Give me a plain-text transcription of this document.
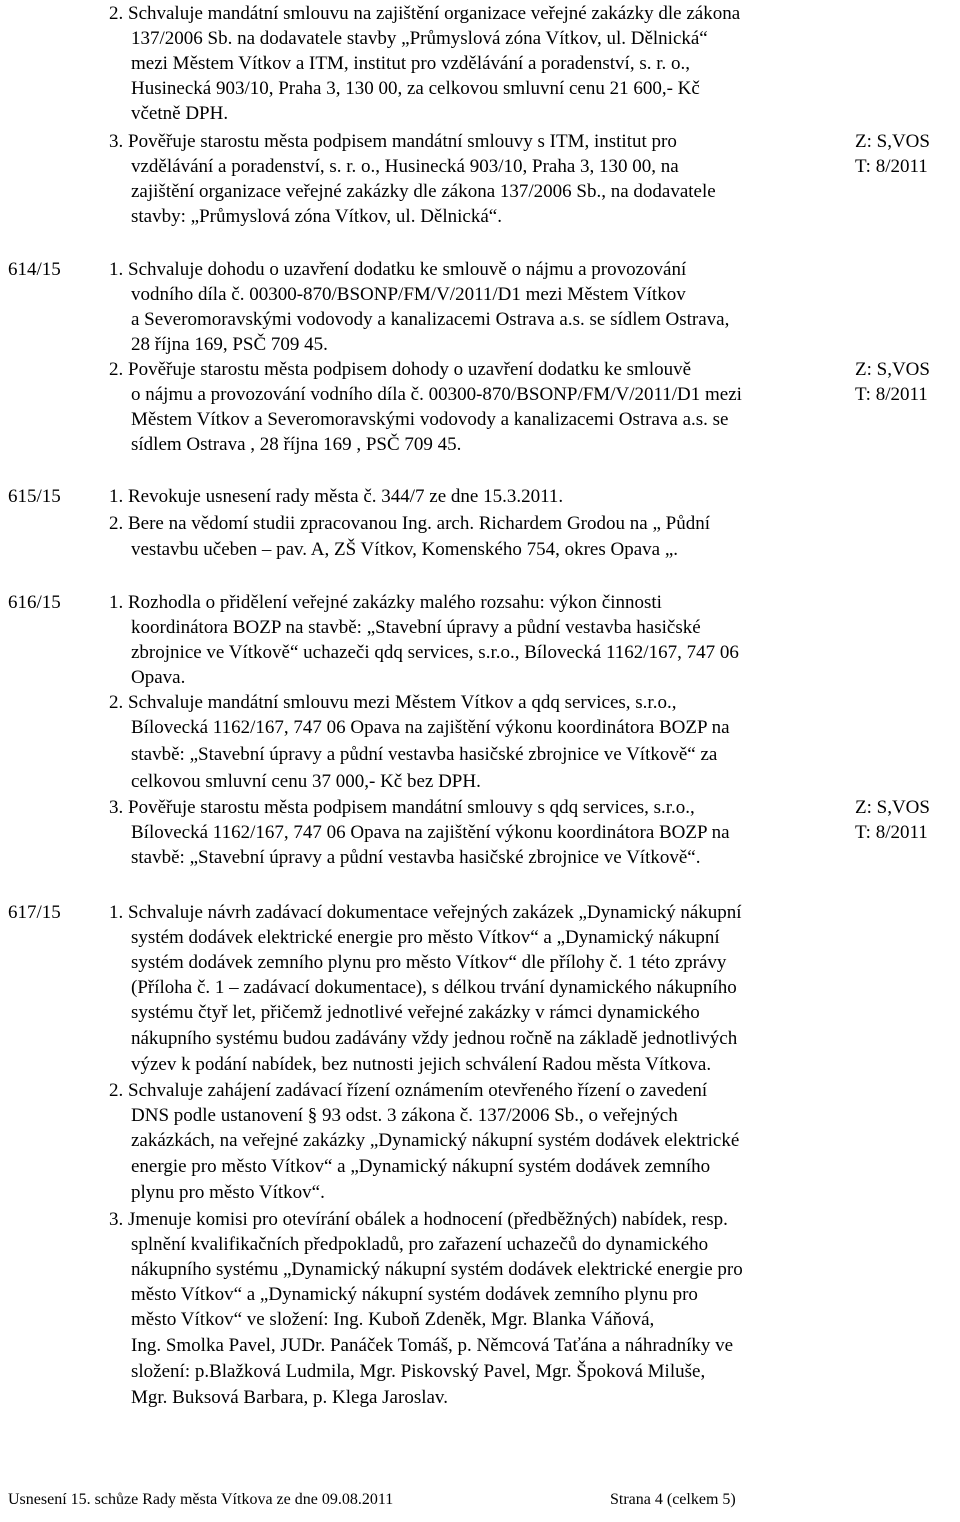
2. Schvaluje mandátní smlouvu na zajištění organizace veřejné zakázky dle zákona
137/2006 Sb. na dodavatele stavby „Průmyslová zóna Vítkov, ul. Dělnická“
mezi Městem Vítkov a ITM, institut pro vzdělávání a poradenství, s. r. o.,
Husinecká 903/10, Praha 3, 130 00, za celkovou smluvní cenu 21 600,- Kč
včetně DPH.
3. Pověřuje starostu města podpisem mandátní smlouvy s ITM, institut pro
vzdělávání a poradenství, s. r. o., Husinecká 903/10, Praha 3, 130 00, na
zajištění organizace veřejné zakázky dle zákona 137/2006 Sb., na dodavatele
stavby: „Průmyslová zóna Vítkov, ul. Dělnická“.
Z: S,VOS
T: 8/2011
614/15	1. Schvaluje dohodu o uzavření dodatku ke smlouvě o nájmu a provozování
vodního díla č. 00300-870/BSONP/FM/V/2011/D1 mezi Městem Vítkov
a Severomoravskými vodovody a kanalizacemi Ostrava a.s. se sídlem Ostrava,
28 října 169, PSČ 709 45.
2. Pověřuje starostu města podpisem dohody o uzavření dodatku ke smlouvě
o nájmu a provozování vodního díla č. 00300-870/BSONP/FM/V/2011/D1 mezi
Městem Vítkov a Severomoravskými vodovody a kanalizacemi Ostrava a.s. se
sídlem Ostrava , 28 října 169 , PSČ 709 45.
Z: S,VOS
T: 8/2011
615/15	1. Revokuje usnesení rady města č. 344/7 ze dne 15.3.2011.
2. Bere na vědomí studii zpracovanou Ing. arch. Richardem Grodou na „ Půdní
vestavbu učeben – pav. A, ZŠ Vítkov, Komenského 754, okres Opava „.
616/15	1. Rozhodla o přidělení veřejné zakázky malého rozsahu: výkon činnosti
koordinátora BOZP na stavbě: „Stavební úpravy a půdní vestavba hasičské
zbrojnice ve Vítkově“ uchazeči qdq services, s.r.o., Bílovecká 1162/167, 747 06
Opava.
2. Schvaluje mandátní smlouvu mezi Městem Vítkov a qdq services, s.r.o.,
Bílovecká 1162/167, 747 06 Opava na zajištění výkonu koordinátora BOZP na
stavbě: „Stavební úpravy a půdní vestavba hasičské zbrojnice ve Vítkově“ za
celkovou smluvní cenu 37 000,- Kč bez DPH.
3. Pověřuje starostu města podpisem mandátní smlouvy s qdq services, s.r.o.,
Bílovecká 1162/167, 747 06 Opava na zajištění výkonu koordinátora BOZP na
stavbě: „Stavební úpravy a půdní vestavba hasičské zbrojnice ve Vítkově“.
Z: S,VOS
T: 8/2011
617/15	1. Schvaluje návrh zadávací dokumentace veřejných zakázek „Dynamický nákupní
systém dodávek elektrické energie pro město Vítkov“ a „Dynamický nákupní
systém dodávek zemního plynu pro město Vítkov“ dle přílohy č. 1 této zprávy
(Příloha č. 1 – zadávací dokumentace), s délkou trvání dynamického nákupního
systému čtyř let, přičemž jednotlivé veřejné zakázky v rámci dynamického
nákupního systému budou zadávány vždy jednou ročně na základě jednotlivých
výzev k podání nabídek, bez nutnosti jejich schválení Radou města Vítkova.
2. Schvaluje zahájení zadávací řízení oznámením otevřeného řízení o zavedení
DNS podle ustanovení § 93 odst. 3 zákona č. 137/2006 Sb., o veřejných
zakázkách, na veřejné zakázky „Dynamický nákupní systém dodávek elektrické
energie pro město Vítkov“ a „Dynamický nákupní systém dodávek zemního
plynu pro město Vítkov“.
3. Jmenuje komisi pro otevírání obálek a hodnocení (předběžných) nabídek, resp.
splnění kvalifikačních předpokladů, pro zařazení uchazečů do dynamického
nákupního systému „Dynamický nákupní systém dodávek elektrické energie pro
město Vítkov“ a „Dynamický nákupní systém dodávek zemního plynu pro
město Vítkov“ ve složení: Ing. Kuboň Zdeněk, Mgr. Blanka Váňová,
Ing. Smolka Pavel, JUDr. Panáček Tomáš, p. Němcová Taťána a náhradníky ve
složení: p.Blažková Ludmila, Mgr. Piskovský Pavel, Mgr. Špoková Miluše,
Mgr. Buksová Barbara, p. Klega Jaroslav.
Usnesení 15. schůze Rady města Vítkova ze dne 09.08.2011	Strana 4 (celkem 5)
